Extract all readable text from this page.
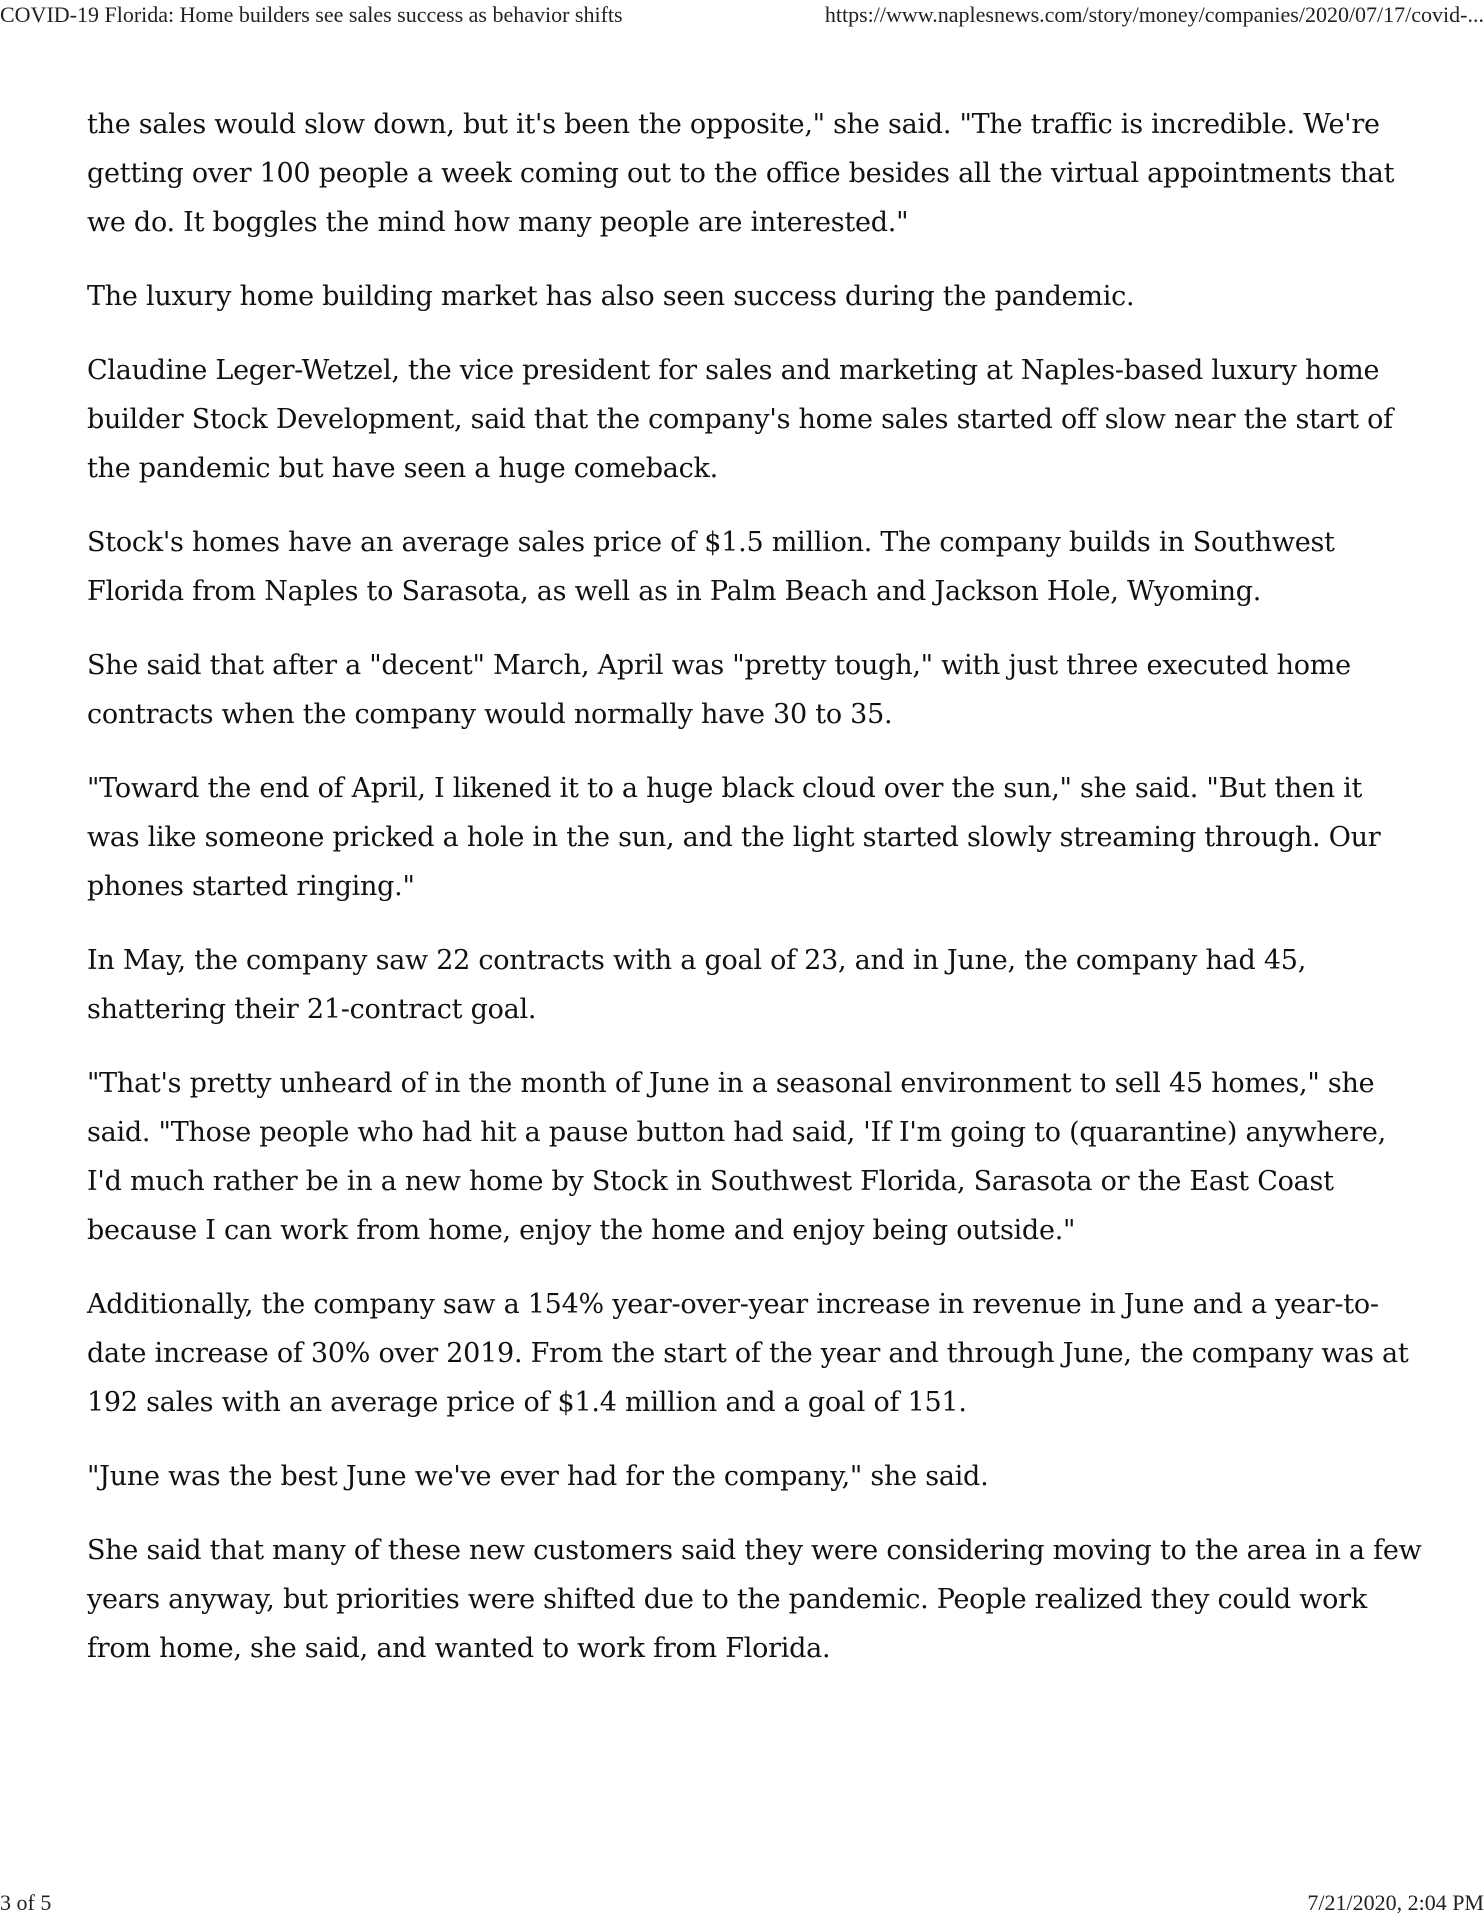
COVID-19 Florida: Home builders see sales success as behavior shifts	https://www.naplesnews.com/story/money/companies/2020/07/17/covid-...

the sales would slow down, but it's been the opposite," she said. "The traffic is incredible. We're getting over 100 people a week coming out to the office besides all the virtual appointments that we do. It boggles the mind how many people are interested."

The luxury home building market has also seen success during the pandemic.

Claudine Leger-Wetzel, the vice president for sales and marketing at Naples-based luxury home builder Stock Development, said that the company's home sales started off slow near the start of the pandemic but have seen a huge comeback.

Stock's homes have an average sales price of $1.5 million. The company builds in Southwest Florida from Naples to Sarasota, as well as in Palm Beach and Jackson Hole, Wyoming.

She said that after a "decent" March, April was "pretty tough," with just three executed home contracts when the company would normally have 30 to 35.

"Toward the end of April, I likened it to a huge black cloud over the sun," she said. "But then it was like someone pricked a hole in the sun, and the light started slowly streaming through. Our phones started ringing."

In May, the company saw 22 contracts with a goal of 23, and in June, the company had 45, shattering their 21-contract goal.

"That's pretty unheard of in the month of June in a seasonal environment to sell 45 homes," she said. "Those people who had hit a pause button had said, 'If I'm going to (quarantine) anywhere, I'd much rather be in a new home by Stock in Southwest Florida, Sarasota or the East Coast because I can work from home, enjoy the home and enjoy being outside."

Additionally, the company saw a 154% year-over-year increase in revenue in June and a year-to-date increase of 30% over 2019. From the start of the year and through June, the company was at 192 sales with an average price of $1.4 million and a goal of 151.

"June was the best June we've ever had for the company," she said.

She said that many of these new customers said they were considering moving to the area in a few years anyway, but priorities were shifted due to the pandemic. People realized they could work from home, she said, and wanted to work from Florida.

3 of 5	7/21/2020, 2:04 PM
